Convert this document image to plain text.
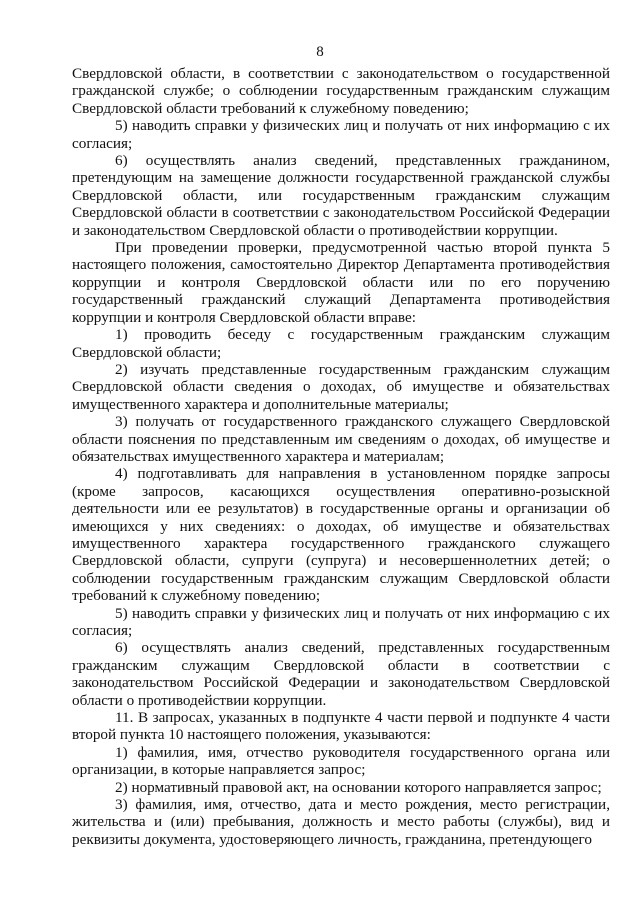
8

Свердловской области, в соответствии с законодательством о государственной гражданской службе; о соблюдении государственным гражданским служащим Свердловской области требований к служебному поведению;

5) наводить справки у физических лиц и получать от них информацию с их согласия;

6) осуществлять анализ сведений, представленных гражданином, претендующим на замещение должности государственной гражданской службы Свердловской области, или государственным гражданским служащим Свердловской области в соответствии с законодательством Российской Федерации и законодательством Свердловской области о противодействии коррупции.

При проведении проверки, предусмотренной частью второй пункта 5 настоящего положения, самостоятельно Директор Департамента противодействия коррупции и контроля Свердловской области или по его поручению государственный гражданский служащий Департамента противодействия коррупции и контроля Свердловской области вправе:

1) проводить беседу с государственным гражданским служащим Свердловской области;

2) изучать представленные государственным гражданским служащим Свердловской области сведения о доходах, об имуществе и обязательствах имущественного характера и дополнительные материалы;

3) получать от государственного гражданского служащего Свердловской области пояснения по представленным им сведениям о доходах, об имуществе и обязательствах имущественного характера и материалам;

4) подготавливать для направления в установленном порядке запросы (кроме запросов, касающихся осуществления оперативно-розыскной деятельности или ее результатов) в государственные органы и организации об имеющихся у них сведениях: о доходах, об имуществе и обязательствах имущественного характера государственного гражданского служащего Свердловской области, супруги (супруга) и несовершеннолетних детей; о соблюдении государственным гражданским служащим Свердловской области требований к служебному поведению;

5) наводить справки у физических лиц и получать от них информацию с их согласия;

6) осуществлять анализ сведений, представленных государственным гражданским служащим Свердловской области в соответствии с законодательством Российской Федерации и законодательством Свердловской области о противодействии коррупции.

11. В запросах, указанных в подпункте 4 части первой и подпункте 4 части второй пункта 10 настоящего положения, указываются:

1) фамилия, имя, отчество руководителя государственного органа или организации, в которые направляется запрос;

2) нормативный правовой акт, на основании которого направляется запрос;

3) фамилия, имя, отчество, дата и место рождения, место регистрации, жительства и (или) пребывания, должность и место работы (службы), вид и реквизиты документа, удостоверяющего личность, гражданина, претендующего
